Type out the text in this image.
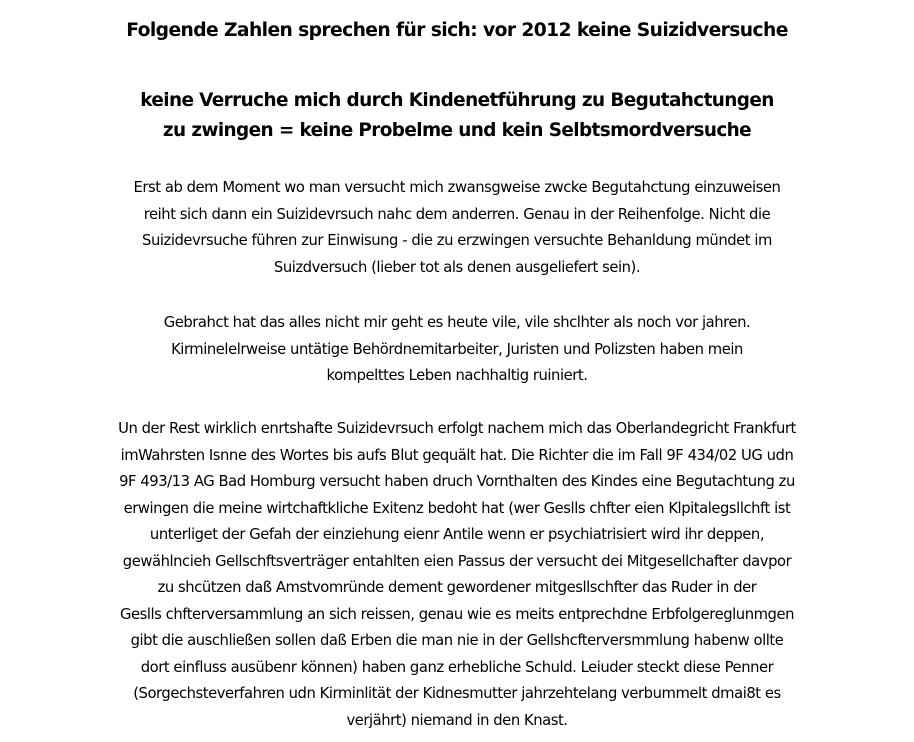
Folgende Zahlen sprechen für sich: vor 2012 keine Suizidversuche
keine Verruche mich durch Kindenetführung zu Begutahctungen
zu zwingen = keine Probelme und kein Selbtsmordversuche

Erst ab dem Moment wo man versucht mich zwansgweise zwcke Begutahctung einzuweisen
reiht sich dann ein Suizidevrsuch nahc dem anderren. Genau in der Reihenfolge. Nicht die
Suizidevrsuche führen zur Einwisung - die zu erzwingen versuchte Behanldung mündet im
Suizdversuch (lieber tot als denen ausgeliefert sein).

Gebrahct hat das alles nicht mir geht es heute vile, vile shclhter als noch vor jahren.
Kirminelelrweise untätige Behördnemitarbeiter, Juristen und Polizsten haben mein
kompelttes Leben nachhaltig ruiniert.

Un der Rest wirklich enrtshafte Suizidevrsuch erfolgt nachem mich das Oberlandegricht Frankfurt
imWahrsten Isnne des Wortes bis aufs Blut gequält hat. Die Richter die im Fall 9F 434/02 UG udn
9F 493/13 AG Bad Homburg versucht haben druch Vornthalten des Kindes eine Begutachtung zu
erwingen die meine wirtchaftkliche Exitenz bedoht hat (wer Geslls chfter eien Klpitalegsllchft ist
unterliget der Gefah der einziehung eienr Antile wenn er psychiatrisiert wird ihr deppen,
gewählncieh Gellschftsverträger entahlten eien Passus der versucht dei Mitgesellchafter davpor
zu shcützen daß Amstvomründe dement gewordener mitgesllschfter das Ruder in der
Geslls chfterversammlung an sich reissen, genau wie es meits entprechdne Erbfolgereglunmgen
gibt die auschließen sollen daß Erben die man nie in der Gellshcfterversmmlung habenw ollte
dort einfluss ausübenr können) haben ganz erhebliche Schuld. Leiuder steckt diese Penner
(Sorgechsteverfahren udn Kirminlität der Kidnesmutter jahrzehtelang verbummelt dmai8t es
verjährt) niemand in den Knast.
